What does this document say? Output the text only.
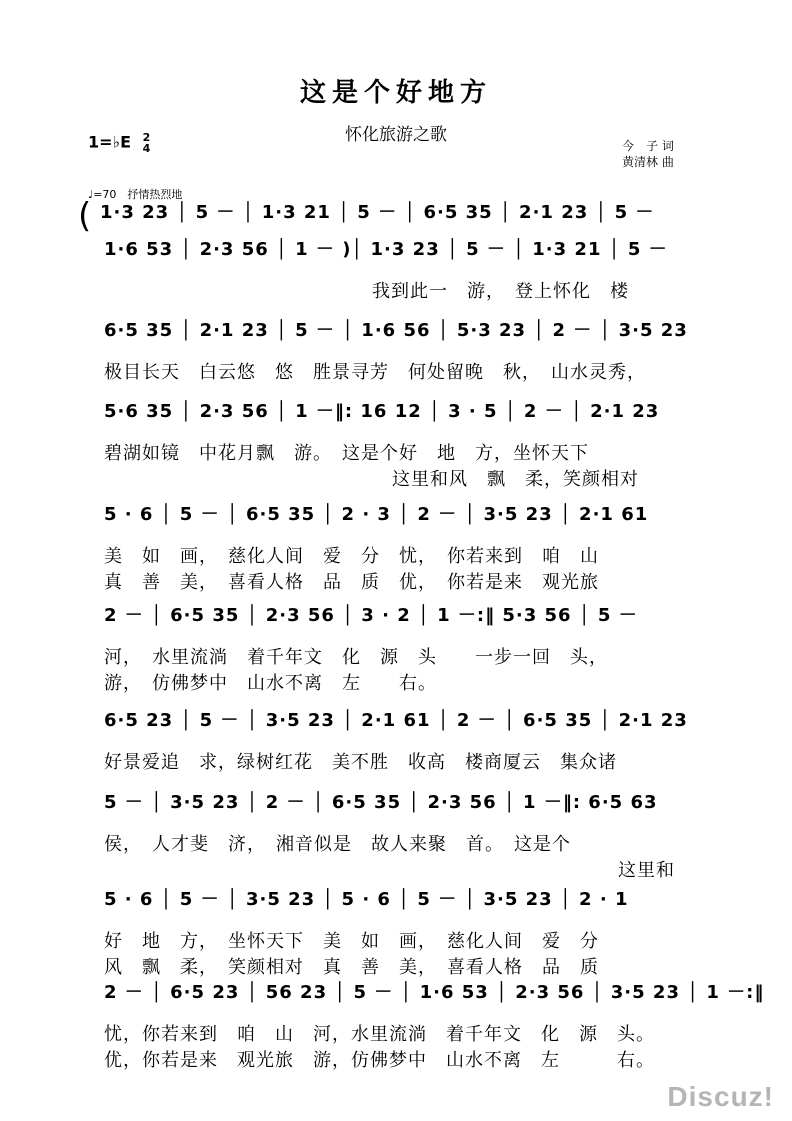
这是个好地方
怀化旅游之歌
1=♭E 2
4	今　子 词
黄清林 曲
♩=70　抒情热烈地
( 1·3 23 │ 5 － │ 1·3 21 │ 5 － │ 6·5 35 │ 2·1 23 │ 5 －
1·6 53 │ 2·3 56 │ 1 － )│ 1·3 23 │ 5 － │ 1·3 21 │ 5 －
我到此一　游，　登上怀化　楼
6·5 35 │ 2·1 23 │ 5 － │ 1·6 56 │ 5·3 23 │ 2 － │ 3·5 23
极目长天　白云悠　悠　胜景寻芳　何处留晚　秋，　山水灵秀，
5·6 35 │ 2·3 56 │ 1 －‖: 16 12 │ 3 · 5 │ 2 － │ 2·1 23
碧湖如镜　中花月飘　游。　这是个好　地　方，坐怀天下
这里和风　飘　柔，笑颜相对
5 · 6 │ 5 － │ 6·5 35 │ 2 · 3 │ 2 － │ 3·5 23 │ 2·1 61
美　如　画，　慈化人间　爱　分　忧，　你若来到　咱　山
真　善　美，　喜看人格　品　质　优，　你若是来　观光旅
2 － │ 6·5 35 │ 2·3 56 │ 3 · 2 │ 1 －:‖ 5·3 56 │ 5 －
河，　水里流淌　着千年文　化　源　头　　一步一回　头，
游，　仿佛梦中　山水不离　左　　右。
6·5 23 │ 5 － │ 3·5 23 │ 2·1 61 │ 2 － │ 6·5 35 │ 2·1 23
好景爱追　求，绿树红花　美不胜　收高　楼商厦云　集众诸
5 － │ 3·5 23 │ 2 － │ 6·5 35 │ 2·3 56 │ 1 －‖: 6·5 63
侯，　人才斐　济，　湘音似是　故人来聚　首。　这是个
这里和
5 · 6 │ 5 － │ 3·5 23 │ 5 · 6 │ 5 － │ 3·5 23 │ 2 · 1
好　地　方，　坐怀天下　美　如　画，　慈化人间　爱　分
风　飘　柔，　笑颜相对　真　善　美，　喜看人格　品　质
2 － │ 6·5 23 │ 56 23 │ 5 － │ 1·6 53 │ 2·3 56 │ 3·5 23 │ 1 －:‖
忧，你若来到　咱　山　河，水里流淌　着千年文　化　源　头。
优，你若是来　观光旅　游，仿佛梦中　山水不离　左　　　右。
Discuz!
